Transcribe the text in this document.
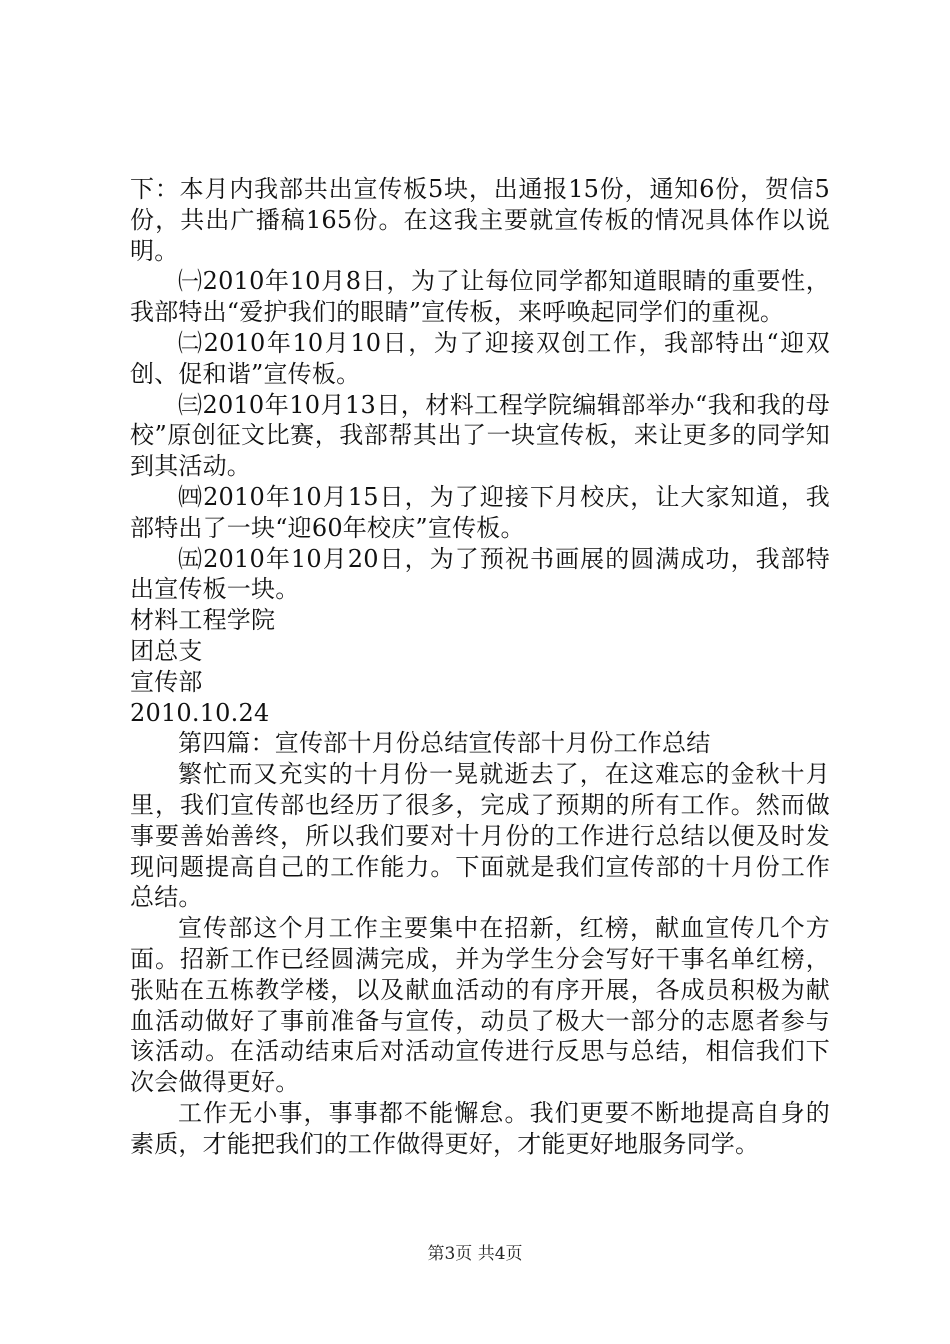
下：本月内我部共出宣传板5块，出通报15份，通知6份，贺信5份，共出广播稿165份。在这我主要就宣传板的情况具体作以说明。

㈠2010年10月8日，为了让每位同学都知道眼睛的重要性，我部特出“爱护我们的眼睛”宣传板，来呼唤起同学们的重视。

㈡2010年10月10日，为了迎接双创工作，我部特出“迎双创、促和谐”宣传板。

㈢2010年10月13日，材料工程学院编辑部举办“我和我的母校”原创征文比赛，我部帮其出了一块宣传板，来让更多的同学知到其活动。

㈣2010年10月15日，为了迎接下月校庆，让大家知道，我部特出了一块“迎60年校庆”宣传板。

㈤2010年10月20日，为了预祝书画展的圆满成功，我部特出宣传板一块。

材料工程学院

团总支

宣传部

2010.10.24

第四篇：宣传部十月份总结宣传部十月份工作总结

繁忙而又充实的十月份一晃就逝去了，在这难忘的金秋十月里，我们宣传部也经历了很多，完成了预期的所有工作。然而做事要善始善终，所以我们要对十月份的工作进行总结以便及时发现问题提高自己的工作能力。下面就是我们宣传部的十月份工作总结。

宣传部这个月工作主要集中在招新，红榜，献血宣传几个方面。招新工作已经圆满完成，并为学生分会写好干事名单红榜，张贴在五栋教学楼，以及献血活动的有序开展，各成员积极为献血活动做好了事前准备与宣传，动员了极大一部分的志愿者参与该活动。在活动结束后对活动宣传进行反思与总结，相信我们下次会做得更好。

工作无小事，事事都不能懈怠。我们更要不断地提高自身的素质，才能把我们的工作做得更好，才能更好地服务同学。

第3页 共4页
